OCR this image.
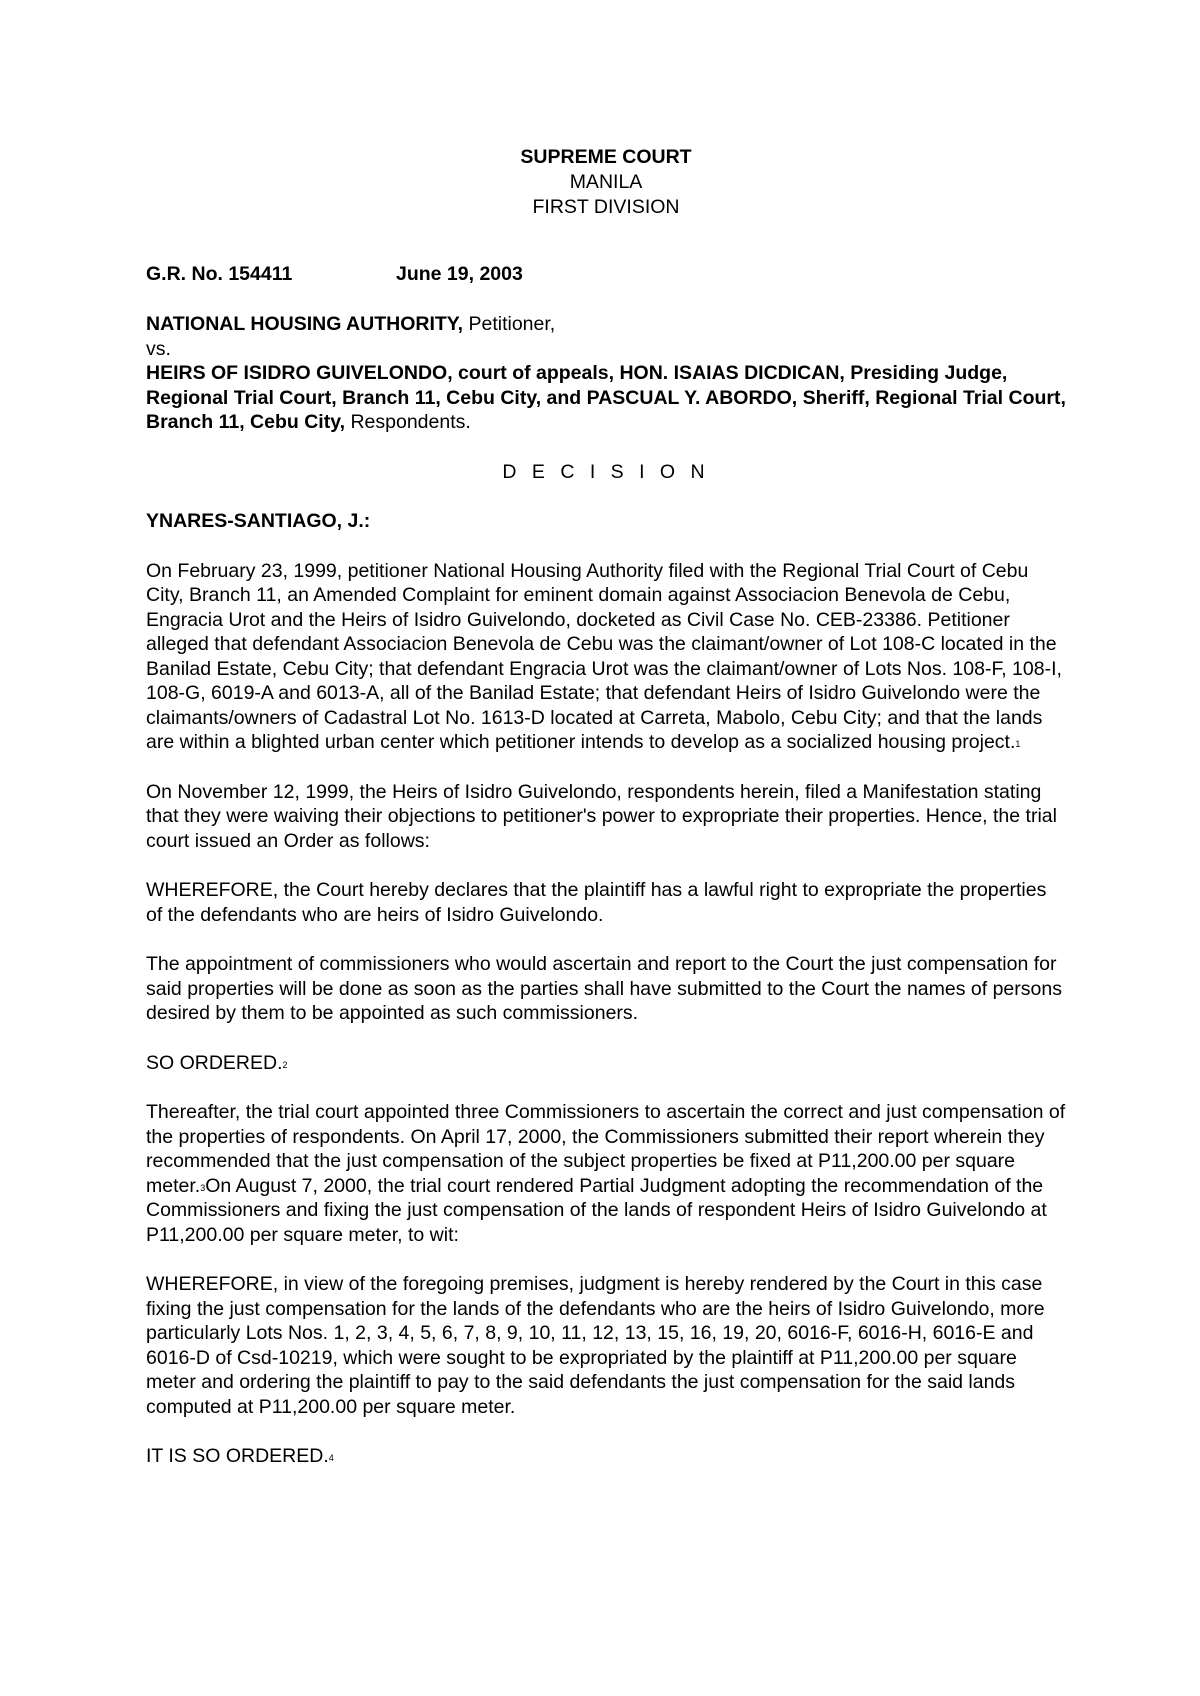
SUPREME COURT
MANILA
FIRST DIVISION
G.R. No. 154411	June 19, 2003
NATIONAL HOUSING AUTHORITY, Petitioner,
vs.
HEIRS OF ISIDRO GUIVELONDO, court of appeals, HON. ISAIAS DICDICAN, Presiding Judge, Regional Trial Court, Branch 11, Cebu City, and PASCUAL Y. ABORDO, Sheriff, Regional Trial Court, Branch 11, Cebu City, Respondents.
D E C I S I O N
YNARES-SANTIAGO, J.:

On February 23, 1999, petitioner National Housing Authority filed with the Regional Trial Court of Cebu City, Branch 11, an Amended Complaint for eminent domain against Associacion Benevola de Cebu, Engracia Urot and the Heirs of Isidro Guivelondo, docketed as Civil Case No. CEB-23386. Petitioner alleged that defendant Associacion Benevola de Cebu was the claimant/owner of Lot 108-C located in the Banilad Estate, Cebu City; that defendant Engracia Urot was the claimant/owner of Lots Nos. 108-F, 108-I, 108-G, 6019-A and 6013-A, all of the Banilad Estate; that defendant Heirs of Isidro Guivelondo were the claimants/owners of Cadastral Lot No. 1613-D located at Carreta, Mabolo, Cebu City; and that the lands are within a blighted urban center which petitioner intends to develop as a socialized housing project.$^1$

On November 12, 1999, the Heirs of Isidro Guivelondo, respondents herein, filed a Manifestation stating that they were waiving their objections to petitioner's power to expropriate their properties. Hence, the trial court issued an Order as follows:

WHEREFORE, the Court hereby declares that the plaintiff has a lawful right to expropriate the properties of the defendants who are heirs of Isidro Guivelondo.

The appointment of commissioners who would ascertain and report to the Court the just compensation for said properties will be done as soon as the parties shall have submitted to the Court the names of persons desired by them to be appointed as such commissioners.

SO ORDERED.$^2$

Thereafter, the trial court appointed three Commissioners to ascertain the correct and just compensation of the properties of respondents. On April 17, 2000, the Commissioners submitted their report wherein they recommended that the just compensation of the subject properties be fixed at P11,200.00 per square meter.$^3$On August 7, 2000, the trial court rendered Partial Judgment adopting the recommendation of the Commissioners and fixing the just compensation of the lands of respondent Heirs of Isidro Guivelondo at P11,200.00 per square meter, to wit:

WHEREFORE, in view of the foregoing premises, judgment is hereby rendered by the Court in this case fixing the just compensation for the lands of the defendants who are the heirs of Isidro Guivelondo, more particularly Lots Nos. 1, 2, 3, 4, 5, 6, 7, 8, 9, 10, 11, 12, 13, 15, 16, 19, 20, 6016-F, 6016-H, 6016-E and 6016-D of Csd-10219, which were sought to be expropriated by the plaintiff at P11,200.00 per square meter and ordering the plaintiff to pay to the said defendants the just compensation for the said lands computed at P11,200.00 per square meter.

IT IS SO ORDERED.$^4$
